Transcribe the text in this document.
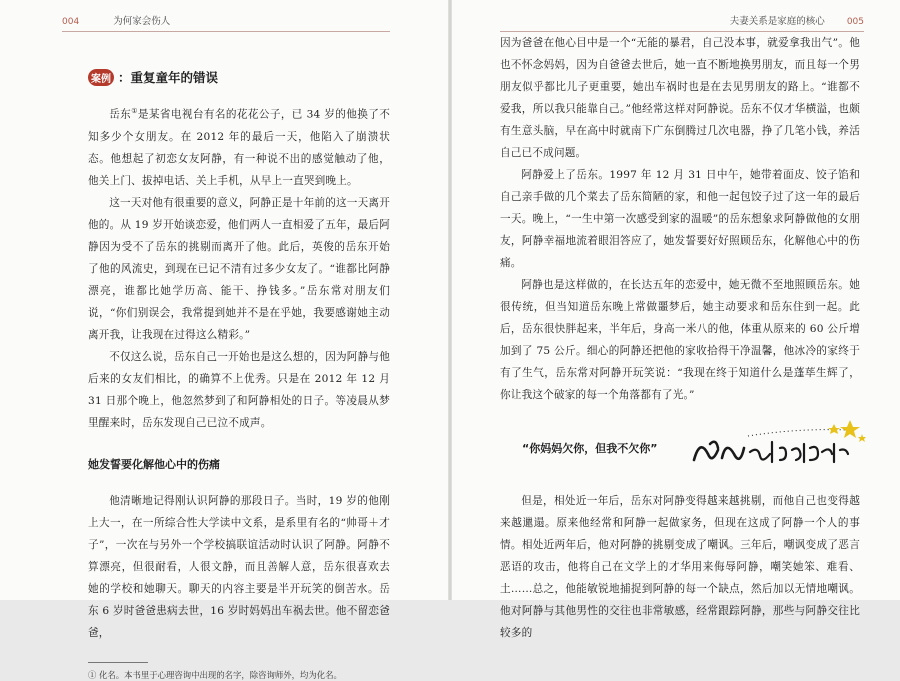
004	为何家会伤人
案例 ：重复童年的错误

岳东①是某省电视台有名的花花公子，已 34 岁的他换了不知多少个女朋友。在 2012 年的最后一天，他陷入了崩溃状态。他想起了初恋女友阿静，有一种说不出的感觉触动了他，他关上门、拔掉电话、关上手机，从早上一直哭到晚上。

这一天对他有很重要的意义，阿静正是十年前的这一天离开他的。从 19 岁开始谈恋爱，他们两人一直相爱了五年，最后阿静因为受不了岳东的挑剔而离开了他。此后，英俊的岳东开始了他的风流史，到现在已记不清有过多少女友了。“谁都比阿静漂亮，谁都比她学历高、能干、挣钱多。”岳东常对朋友们说，“你们别误会，我常提到她并不是在乎她，我要感谢她主动离开我，让我现在过得这么精彩。”

不仅这么说，岳东自己一开始也是这么想的，因为阿静与他后来的女友们相比，的确算不上优秀。只是在 2012 年 12 月 31 日那个晚上，他忽然梦到了和阿静相处的日子。等凌晨从梦里醒来时，岳东发现自己已泣不成声。

她发誓要化解他心中的伤痛

他清晰地记得刚认识阿静的那段日子。当时，19 岁的他刚上大一，在一所综合性大学读中文系，是系里有名的“帅哥＋才子”，一次在与另外一个学校搞联谊活动时认识了阿静。阿静不算漂亮，但很耐看，人很文静，而且善解人意，岳东很喜欢去她的学校和她聊天。聊天的内容主要是半开玩笑的倒苦水。岳东 6 岁时爸爸患病去世，16 岁时妈妈出车祸去世。他不留恋爸爸，

① 化名。本书里于心理咨询中出现的名字，除咨询师外，均为化名。
夫妻关系是家庭的核心 005

因为爸爸在他心目中是一个“无能的暴君，自己没本事，就爱拿我出气”。他也不怀念妈妈，因为自爸爸去世后，她一直不断地换男朋友，而且每一个男朋友似乎都比儿子更重要，她出车祸时也是在去见男朋友的路上。“谁都不爱我，所以我只能靠自己。”他经常这样对阿静说。岳东不仅才华横溢，也颇有生意头脑，早在高中时就南下广东倒腾过几次电器，挣了几笔小钱，养活自己已不成问题。

阿静爱上了岳东。1997 年 12 月 31 日中午，她带着面皮、饺子馅和自己亲手做的几个菜去了岳东简陋的家，和他一起包饺子过了这一年的最后一天。晚上，“一生中第一次感受到家的温暖”的岳东想象求阿静做他的女朋友，阿静幸福地流着眼泪答应了，她发誓要好好照顾岳东，化解他心中的伤痛。

阿静也是这样做的，在长达五年的恋爱中，她无微不至地照顾岳东。她很传统，但当知道岳东晚上常做噩梦后，她主动要求和岳东住到一起。此后，岳东很快胖起来，半年后，身高一米八的他，体重从原来的 60 公斤增加到了 75 公斤。细心的阿静还把他的家收拾得干净温馨，他冰冷的家终于有了生气，岳东常对阿静开玩笑说：“我现在终于知道什么是蓬荜生辉了，你让我这个破家的每一个角落都有了光。”

“你妈妈欠你，但我不欠你”

但是，相处近一年后，岳东对阿静变得越来越挑剔，而他自己也变得越来越邋遢。原来他经常和阿静一起做家务，但现在这成了阿静一个人的事情。相处近两年后，他对阿静的挑剔变成了嘲讽。三年后，嘲讽变成了恶言恶语的攻击，他将自己在文学上的才华用来侮辱阿静，嘲笑她笨、难看、土……总之，他能敏锐地捕捉到阿静的每一个缺点，然后加以无情地嘲讽。他对阿静与其他男性的交往也非常敏感，经常跟踪阿静，那些与阿静交往比较多的
